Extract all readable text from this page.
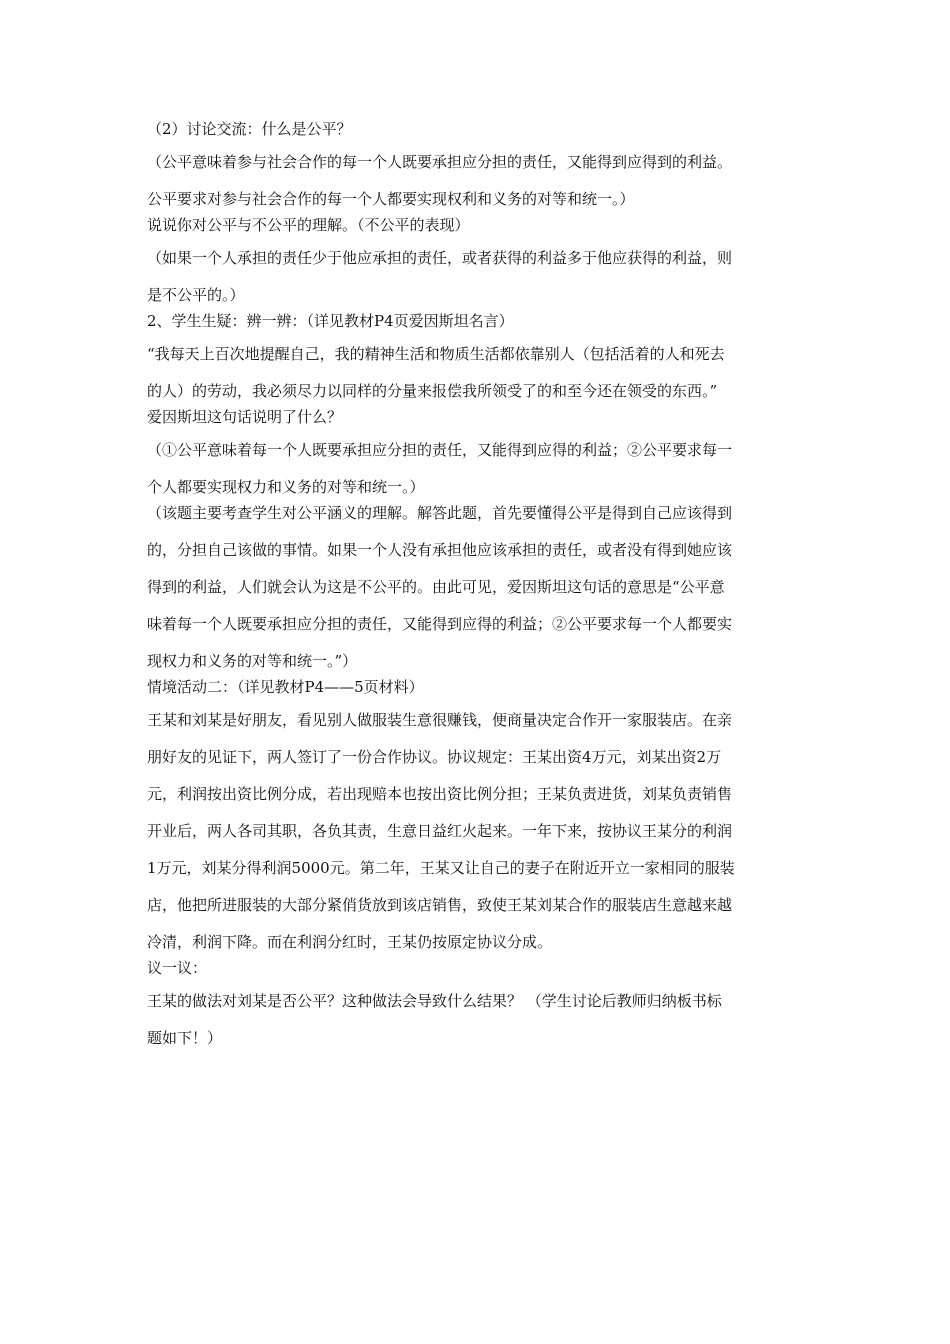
（2）讨论交流：什么是公平？

（公平意味着参与社会合作的每一个人既要承担应分担的责任，又能得到应得到的利益。

公平要求对参与社会合作的每一个人都要实现权利和义务的对等和统一。）

说说你对公平与不公平的理解。（不公平的表现）

（如果一个人承担的责任少于他应承担的责任，或者获得的利益多于他应获得的利益，则

是不公平的。）

2、学生生疑：辨一辨：（详见教材P4页爱因斯坦名言）

“我每天上百次地提醒自己，我的精神生活和物质生活都依靠别人（包括活着的人和死去

的人）的劳动，我必须尽力以同样的分量来报偿我所领受了的和至今还在领受的东西。”

爱因斯坦这句话说明了什么？

（①公平意味着每一个人既要承担应分担的责任，又能得到应得的利益；②公平要求每一

个人都要实现权力和义务的对等和统一。）

（该题主要考查学生对公平涵义的理解。解答此题，首先要懂得公平是得到自己应该得到

的，分担自己该做的事情。如果一个人没有承担他应该承担的责任，或者没有得到她应该

得到的利益，人们就会认为这是不公平的。由此可见，爱因斯坦这句话的意思是“公平意

味着每一个人既要承担应分担的责任，又能得到应得的利益；②公平要求每一个人都要实

现权力和义务的对等和统一。”）

情境活动二：（详见教材P4——5页材料）

王某和刘某是好朋友，看见别人做服装生意很赚钱，便商量决定合作开一家服装店。在亲

朋好友的见证下，两人签订了一份合作协议。协议规定：王某出资4万元，刘某出资2万

元，利润按出资比例分成，若出现赔本也按出资比例分担；王某负责进货，刘某负责销售

开业后，两人各司其职，各负其责，生意日益红火起来。一年下来，按协议王某分的利润

1万元，刘某分得利润5000元。第二年，王某又让自己的妻子在附近开立一家相同的服装

店，他把所进服装的大部分紧俏货放到该店销售，致使王某刘某合作的服装店生意越来越

冷清，利润下降。而在利润分红时，王某仍按原定协议分成。

议一议：

王某的做法对刘某是否公平？这种做法会导致什么结果？ （学生讨论后教师归纳板书标

题如下！）
